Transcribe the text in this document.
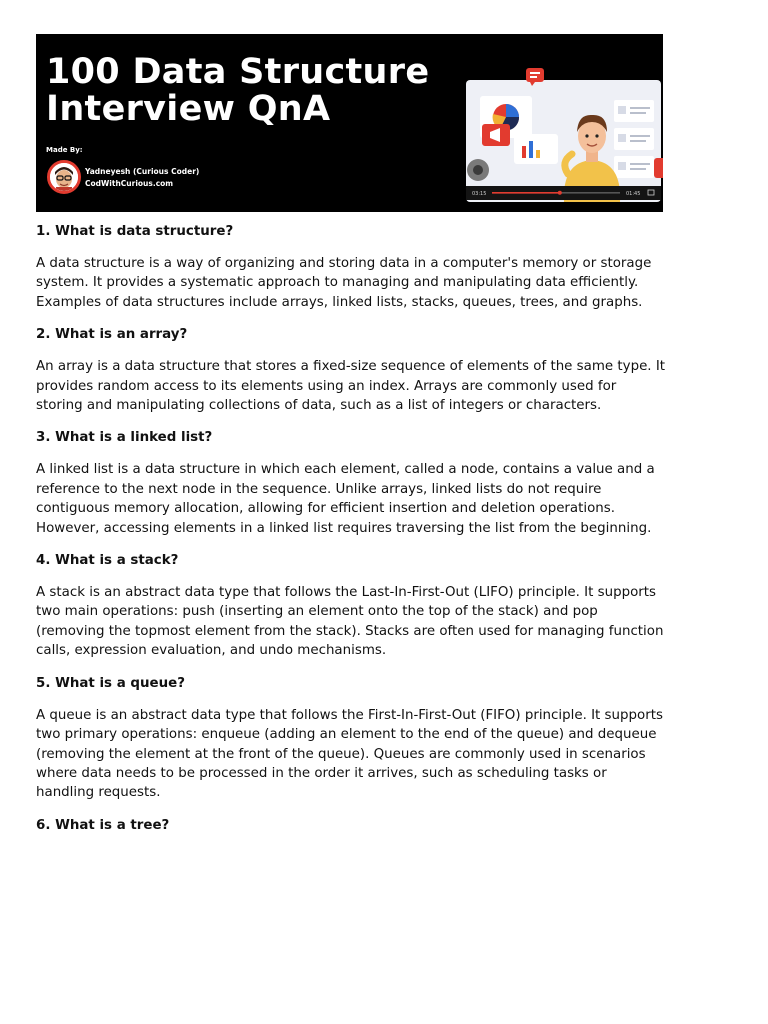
100 Data Structure
Interview QnA
Made By:
Yadneyesh (Curious Coder)
CodWithCurious.com
03:15	01:45

1. What is data structure?

A data structure is a way of organizing and storing data in a computer's memory or storage system. It provides a systematic approach to managing and manipulating data efficiently. Examples of data structures include arrays, linked lists, stacks, queues, trees, and graphs.

2. What is an array?

An array is a data structure that stores a fixed-size sequence of elements of the same type. It provides random access to its elements using an index. Arrays are commonly used for storing and manipulating collections of data, such as a list of integers or characters.

3. What is a linked list?

A linked list is a data structure in which each element, called a node, contains a value and a reference to the next node in the sequence. Unlike arrays, linked lists do not require contiguous memory allocation, allowing for efficient insertion and deletion operations. However, accessing elements in a linked list requires traversing the list from the beginning.

4. What is a stack?

A stack is an abstract data type that follows the Last-In-First-Out (LIFO) principle. It supports two main operations: push (inserting an element onto the top of the stack) and pop (removing the topmost element from the stack). Stacks are often used for managing function calls, expression evaluation, and undo mechanisms.

5. What is a queue?

A queue is an abstract data type that follows the First-In-First-Out (FIFO) principle. It supports two primary operations: enqueue (adding an element to the end of the queue) and dequeue (removing the element at the front of the queue). Queues are commonly used in scenarios where data needs to be processed in the order it arrives, such as scheduling tasks or handling requests.

6. What is a tree?
